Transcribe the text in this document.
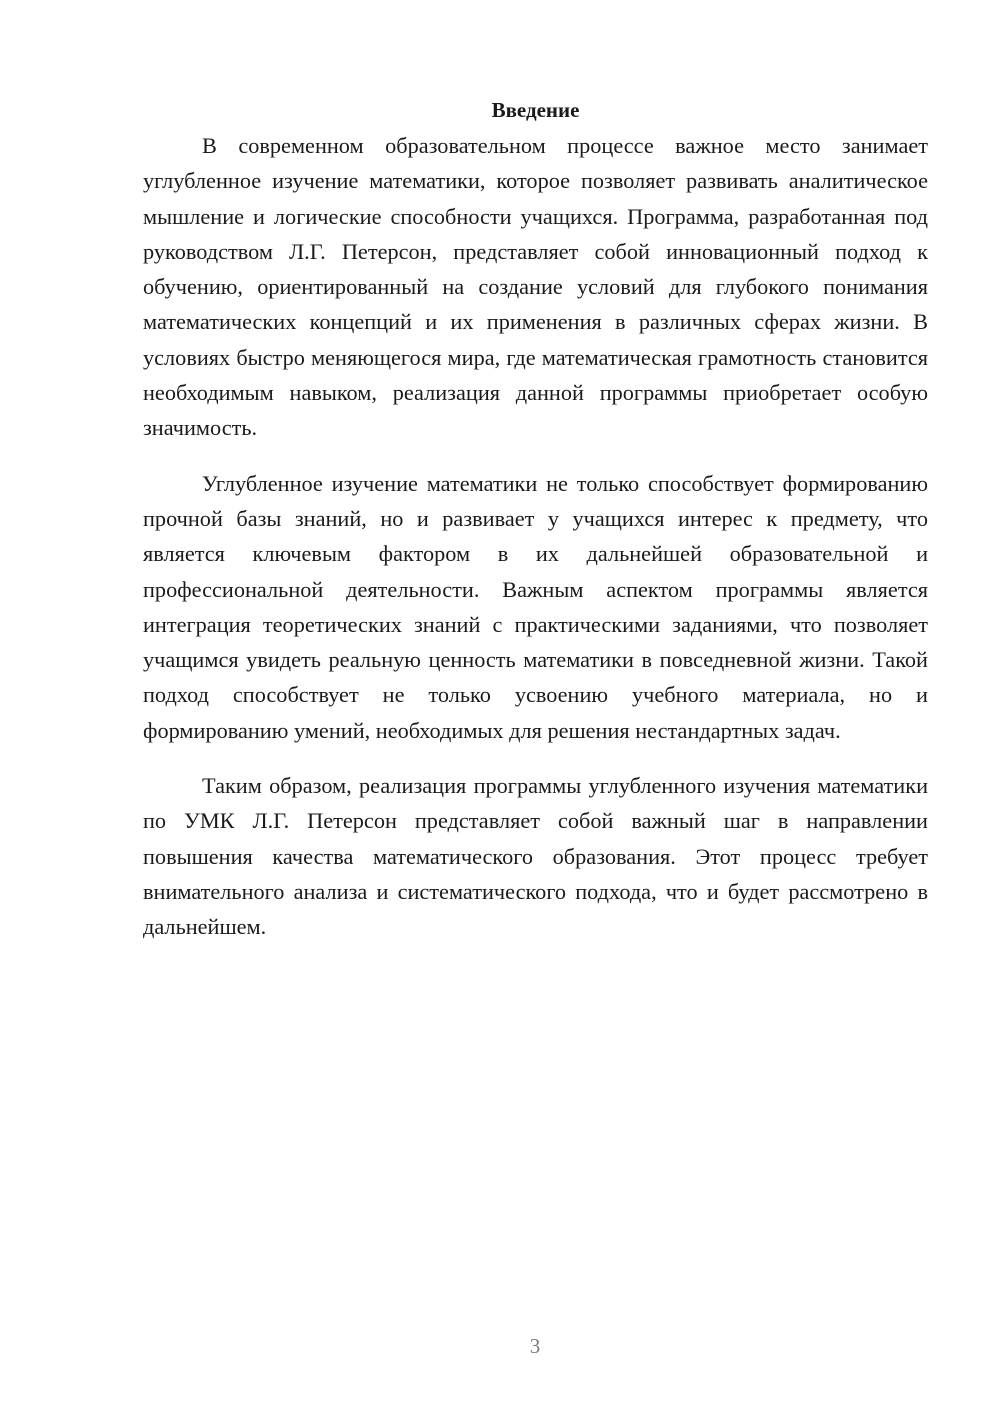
Введение

В современном образовательном процессе важное место занимает углубленное изучение математики, которое позволяет развивать аналитическое мышление и логические способности учащихся. Программа, разработанная под руководством Л.Г. Петерсон, представляет собой инновационный подход к обучению, ориентированный на создание условий для глубокого понимания математических концепций и их применения в различных сферах жизни. В условиях быстро меняющегося мира, где математическая грамотность становится необходимым навыком, реализация данной программы приобретает особую значимость.

Углубленное изучение математики не только способствует формированию прочной базы знаний, но и развивает у учащихся интерес к предмету, что является ключевым фактором в их дальнейшей образовательной и профессиональной деятельности. Важным аспектом программы является интеграция теоретических знаний с практическими заданиями, что позволяет учащимся увидеть реальную ценность математики в повседневной жизни. Такой подход способствует не только усвоению учебного материала, но и формированию умений, необходимых для решения нестандартных задач.

Таким образом, реализация программы углубленного изучения математики по УМК Л.Г. Петерсон представляет собой важный шаг в направлении повышения качества математического образования. Этот процесс требует внимательного анализа и систематического подхода, что и будет рассмотрено в дальнейшем.

3
